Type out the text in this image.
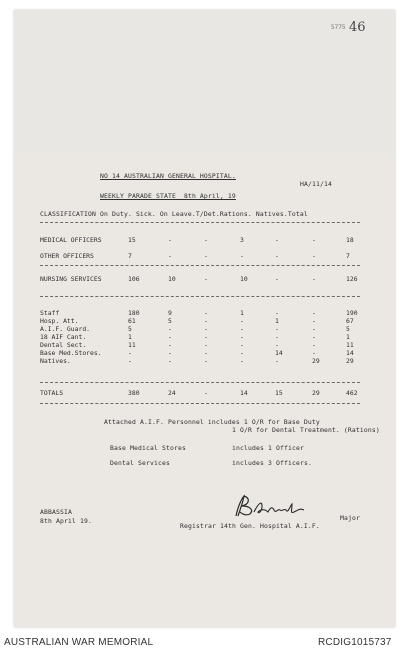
5775 46
NO 14 AUSTRALIAN GENERAL HOSPITAL.
HA/11/14
WEEKLY PARADE STATE  8th April, 19
CLASSIFICATION On Duty. Sick. On Leave.T/Det.Rations. Natives.Total
MEDICAL OFFICERS	15	-	-	3	-	-	18
OTHER OFFICERS	7	-	-	-	-	-	7
NURSING SERVICES	106	10	-	10	-	-	126
Staff	180	9	-	1	-	-	190
Hosp. Att.	61	5	-	-	1	-	67
A.I.F. Guard.	5	-	-	-	-	-	5
18 AIF Cant.	1	-	-	-	-	-	1
Dental Sect.	11	-	-	-	-	-	11
Base Med.Stores.	-	-	-	-	14	-	14
Natives.	-	-	-	-	-	29	29
TOTALS	380	24	-	14	15	29	462
Attached A.I.F. Personnel includes 1 O/R for Base Duty
1 O/R for Dental Treatment. (Rations)
Base Medical Stores	includes 1 Officer
Dental Services	includes 3 Officers.
ABBASSIA
8th April 19.	Major
Registrar 14th Gen. Hospital A.I.F.
AUSTRALIAN WAR MEMORIAL	RCDIG1015737
